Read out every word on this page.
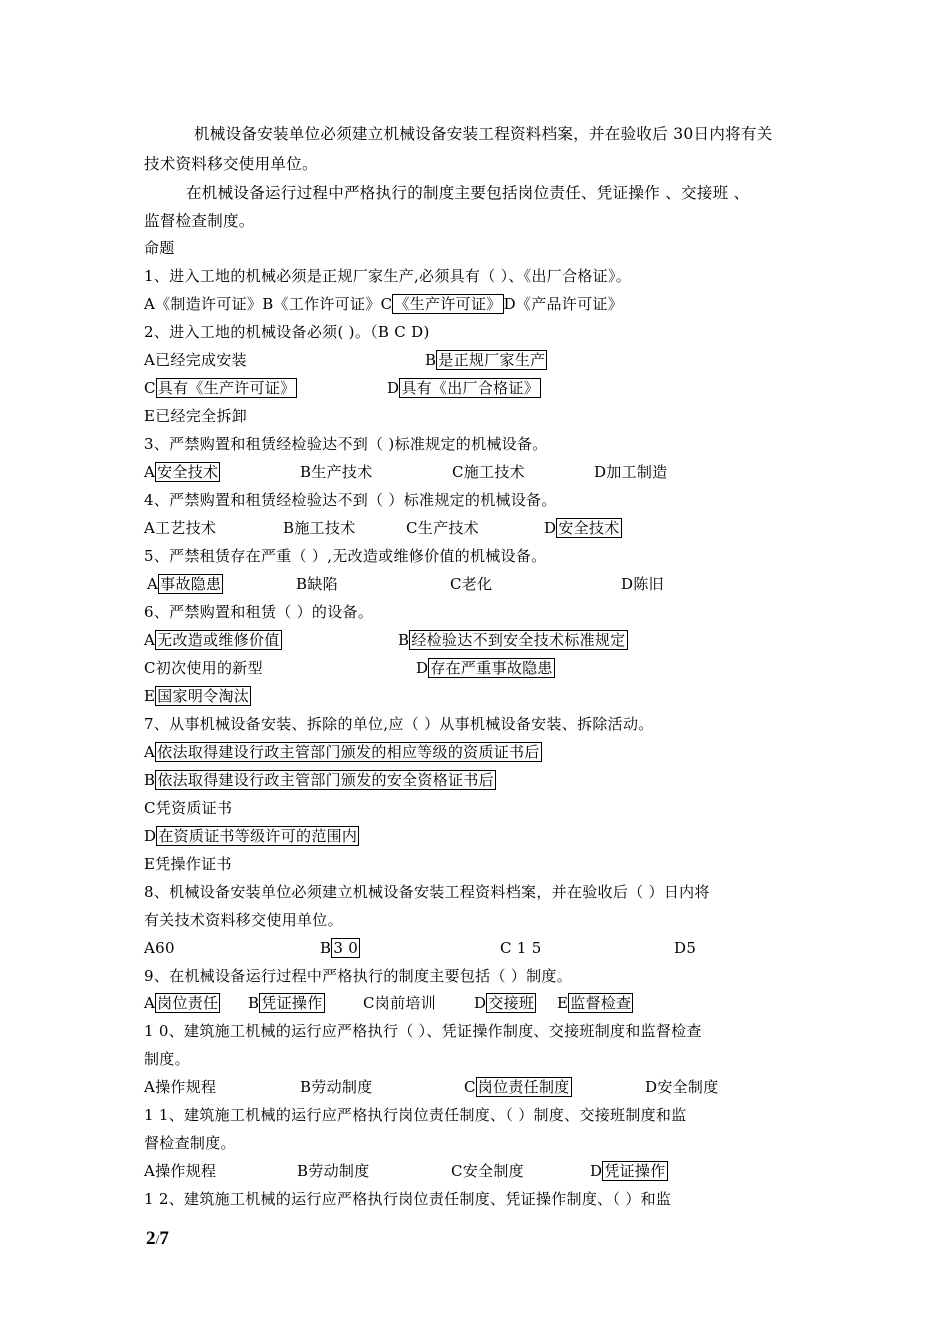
机械设备安装单位必须建立机械设备安装工程资料档案，并在验收后 30日内将有关
技术资料移交使用单位。
在机械设备运行过程中严格执行的制度主要包括岗位责任、凭证操作 、交接班 、
监督检查制度。
命题
1、进入工地的机械必须是正规厂家生产,必须具有（ ）、《出厂合格证》。
A《制造许可证》B《工作许可证》C 《生产许可证》 D《产品许可证》
2、进入工地的机械设备必须( )。（B C D)
A已经完成安装	B 是正规厂家生产
C 具有《生产许可证》	D 具有《出厂合格证》
E已经完全拆卸
3、严禁购置和租赁经检验达不到（ )标准规定的机械设备。
A 安全技术	B生产技术	C施工技术	D加工制造
4、严禁购置和租赁经检验达不到（ ）标准规定的机械设备。
A工艺技术	B施工技术	C生产技术	D 安全技术
5、严禁租赁存在严重（ ）,无改造或维修价值的机械设备。
A 事故隐患	B缺陷	C老化	D陈旧
6、严禁购置和租赁（ ）的设备。
A 无改造或维修价值	B 经检验达不到安全技术标准规定
C初次使用的新型	D 存在严重事故隐患
E 国家明令淘汰
7、从事机械设备安装、拆除的单位,应（ ）从事机械设备安装、拆除活动。
A 依法取得建设行政主管部门颁发的相应等级的资质证书后
B 依法取得建设行政主管部门颁发的安全资格证书后
C凭资质证书
D 在资质证书等级许可的范围内
E凭操作证书
8、机械设备安装单位必须建立机械设备安装工程资料档案，并在验收后（ ）日内将
有关技术资料移交使用单位。
A60	B 3 0	C 1 5	D5
9、在机械设备运行过程中严格执行的制度主要包括（ ）制度。
A 岗位责任 B 凭证操作	C岗前培训	D 交接班 E 监督检查
1 0、建筑施工机械的运行应严格执行（ ）、凭证操作制度、交接班制度和监督检查
制度。
A操作规程	B劳动制度	C 岗位责任制度	D安全制度
1 1、建筑施工机械的运行应严格执行岗位责任制度、（ ）制度、交接班制度和监
督检查制度。
A操作规程	B劳动制度	C安全制度	D 凭证操作
1 2、建筑施工机械的运行应严格执行岗位责任制度、凭证操作制度、（ ）和监
2/7
